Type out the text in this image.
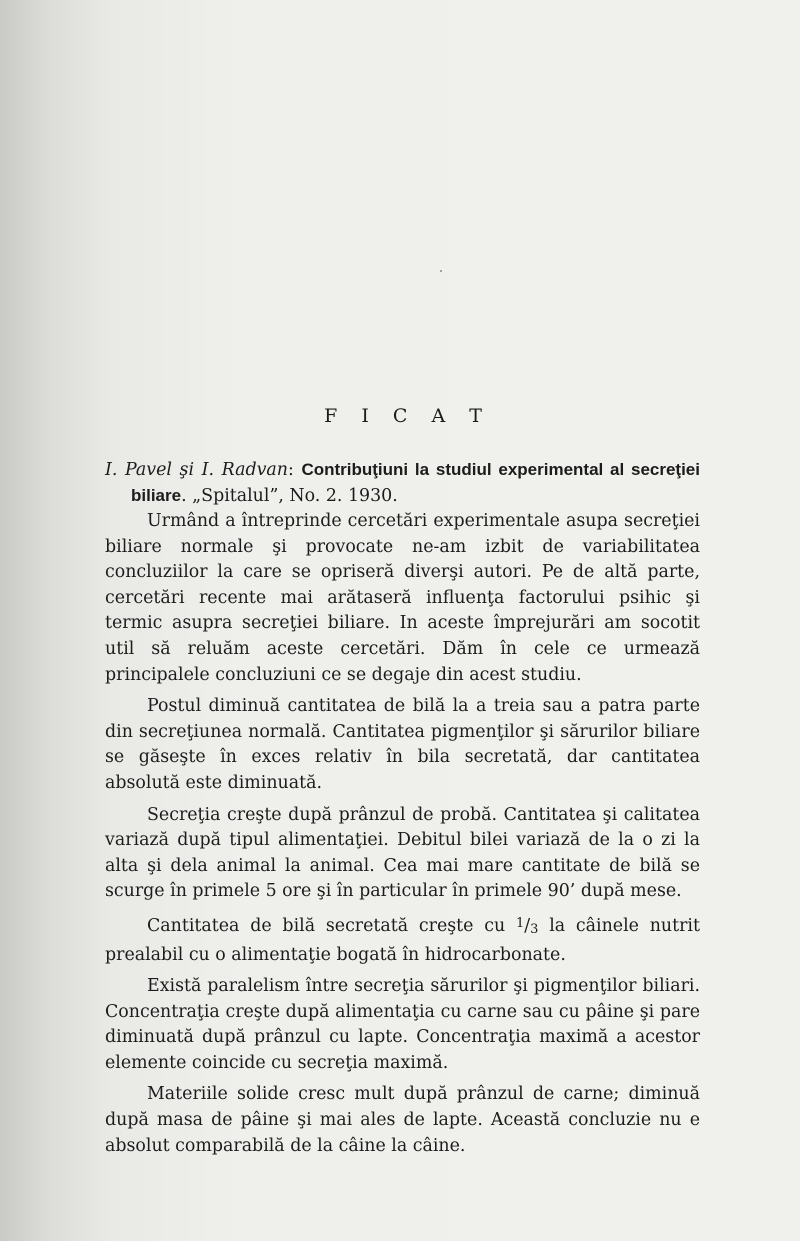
F I C A T

I. Pavel şi I. Radvan: Contribuţiuni la studiul experimental al secreţiei biliare. „Spitalul”, No. 2. 1930.

Urmând a întreprinde cercetări experimentale asupa secreţiei biliare normale şi provocate ne-am izbit de variabilitatea concluziilor la care se opriseră diverşi autori. Pe de altă parte, cercetări recente mai arătaseră influenţa factorului psihic şi termic asupra secreţiei biliare. In aceste împrejurări am socotit util să reluăm aceste cercetări. Dăm în cele ce urmează principalele concluziuni ce se degaje din acest studiu.

Postul diminuă cantitatea de bilă la a treia sau a patra parte din secreţiunea normală. Cantitatea pigmenţilor şi sărurilor biliare se găseşte în exces relativ în bila secretată, dar cantitatea absolută este diminuată.

Secreţia creşte după prânzul de probă. Cantitatea şi calitatea variază după tipul alimentaţiei. Debitul bilei variază de la o zi la alta şi dela animal la animal. Cea mai mare cantitate de bilă se scurge în primele 5 ore şi în particular în primele 90’ după mese.

Cantitatea de bilă secretată creşte cu $^1$/3 la câinele nutrit prealabil cu o alimentaţie bogată în hidrocarbonate.

Există paralelism între secreţia sărurilor şi pigmenţilor biliari. Concentraţia creşte după alimentaţia cu carne sau cu pâine şi pare diminuată după prânzul cu lapte. Concentraţia maximă a acestor elemente coincide cu secreţia maximă.

Materiile solide cresc mult după prânzul de carne; diminuă după masa de pâine şi mai ales de lapte. Această concluzie nu e absolut comparabilă de la câine la câine.
